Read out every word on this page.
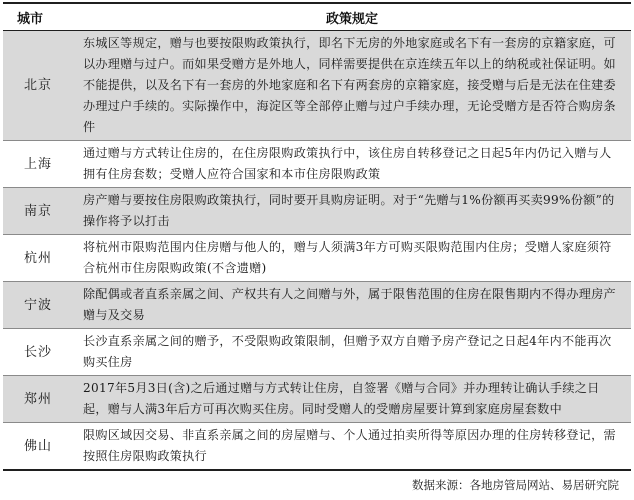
城市	政策规定
北京	东城区等规定，赠与也要按限购政策执行，即名下无房的外地家庭或名下有一套房的京籍家庭，可以办理赠与过户。而如果受赠方是外地人，同样需要提供在京连续五年以上的纳税或社保证明。如不能提供，以及名下有一套房的外地家庭和名下有两套房的京籍家庭，接受赠与后是无法在住建委办理过户手续的。实际操作中，海淀区等全部停止赠与过户手续办理，无论受赠方是否符合购房条件
上海	通过赠与方式转让住房的，在住房限购政策执行中，该住房自转移登记之日起5年内仍记入赠与人拥有住房套数；受赠人应符合国家和本市住房限购政策
南京	房产赠与要按住房限购政策执行，同时要开具购房证明。对于“先赠与1%份额再买卖99%份额”的操作将予以打击
杭州	将杭州市限购范围内住房赠与他人的，赠与人须满3年方可购买限购范围内住房；受赠人家庭须符合杭州市住房限购政策(不含遗赠)
宁波	除配偶或者直系亲属之间、产权共有人之间赠与外，属于限售范围的住房在限售期内不得办理房产赠与及交易
长沙	长沙直系亲属之间的赠予，不受限购政策限制，但赠予双方自赠予房产登记之日起4年内不能再次购买住房
郑州	2017年5月3日(含)之后通过赠与方式转让住房，自签署《赠与合同》并办理转让确认手续之日起，赠与人满3年后方可再次购买住房。同时受赠人的受赠房屋要计算到家庭房屋套数中
佛山	限购区域因交易、非直系亲属之间的房屋赠与、个人通过拍卖所得等原因办理的住房转移登记，需按照住房限购政策执行
数据来源：各地房管局网站、易居研究院
